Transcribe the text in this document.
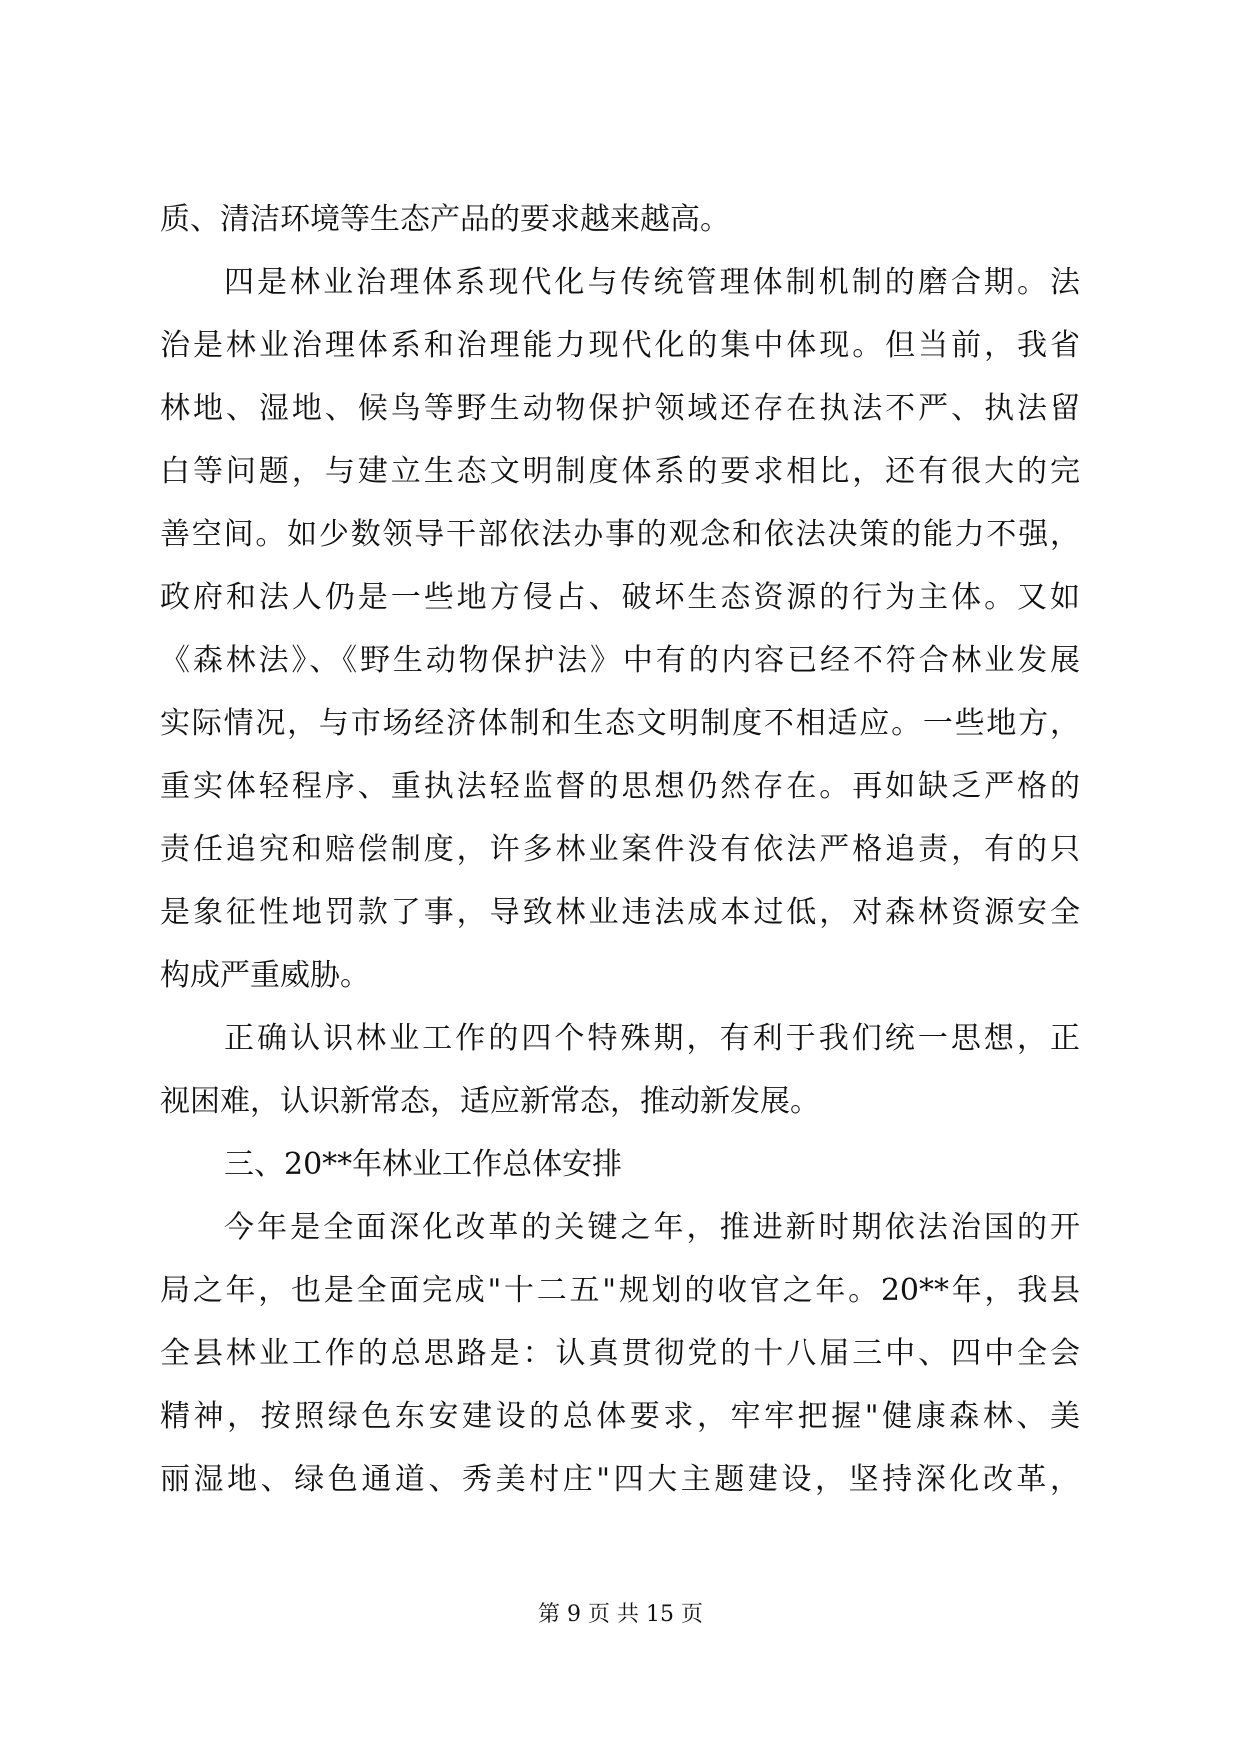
质、清洁环境等生态产品的要求越来越高。
四是林业治理体系现代化与传统管理体制机制的磨合期。法
治是林业治理体系和治理能力现代化的集中体现。但当前，我省
林地、湿地、候鸟等野生动物保护领域还存在执法不严、执法留
白等问题，与建立生态文明制度体系的要求相比，还有很大的完
善空间。如少数领导干部依法办事的观念和依法决策的能力不强，
政府和法人仍是一些地方侵占、破坏生态资源的行为主体。又如
《森林法》、《野生动物保护法》中有的内容已经不符合林业发展
实际情况，与市场经济体制和生态文明制度不相适应。一些地方，
重实体轻程序、重执法轻监督的思想仍然存在。再如缺乏严格的
责任追究和赔偿制度，许多林业案件没有依法严格追责，有的只
是象征性地罚款了事，导致林业违法成本过低，对森林资源安全
构成严重威胁。
正确认识林业工作的四个特殊期，有利于我们统一思想，正
视困难，认识新常态，适应新常态，推动新发展。
三、20**年林业工作总体安排
今年是全面深化改革的关键之年，推进新时期依法治国的开
局之年，也是全面完成"十二五"规划的收官之年。20**年，我县
全县林业工作的总思路是：认真贯彻党的十八届三中、四中全会
精神，按照绿色东安建设的总体要求，牢牢把握"健康森林、美
丽湿地、绿色通道、秀美村庄"四大主题建设，坚持深化改革，
第 9 页 共 15 页
